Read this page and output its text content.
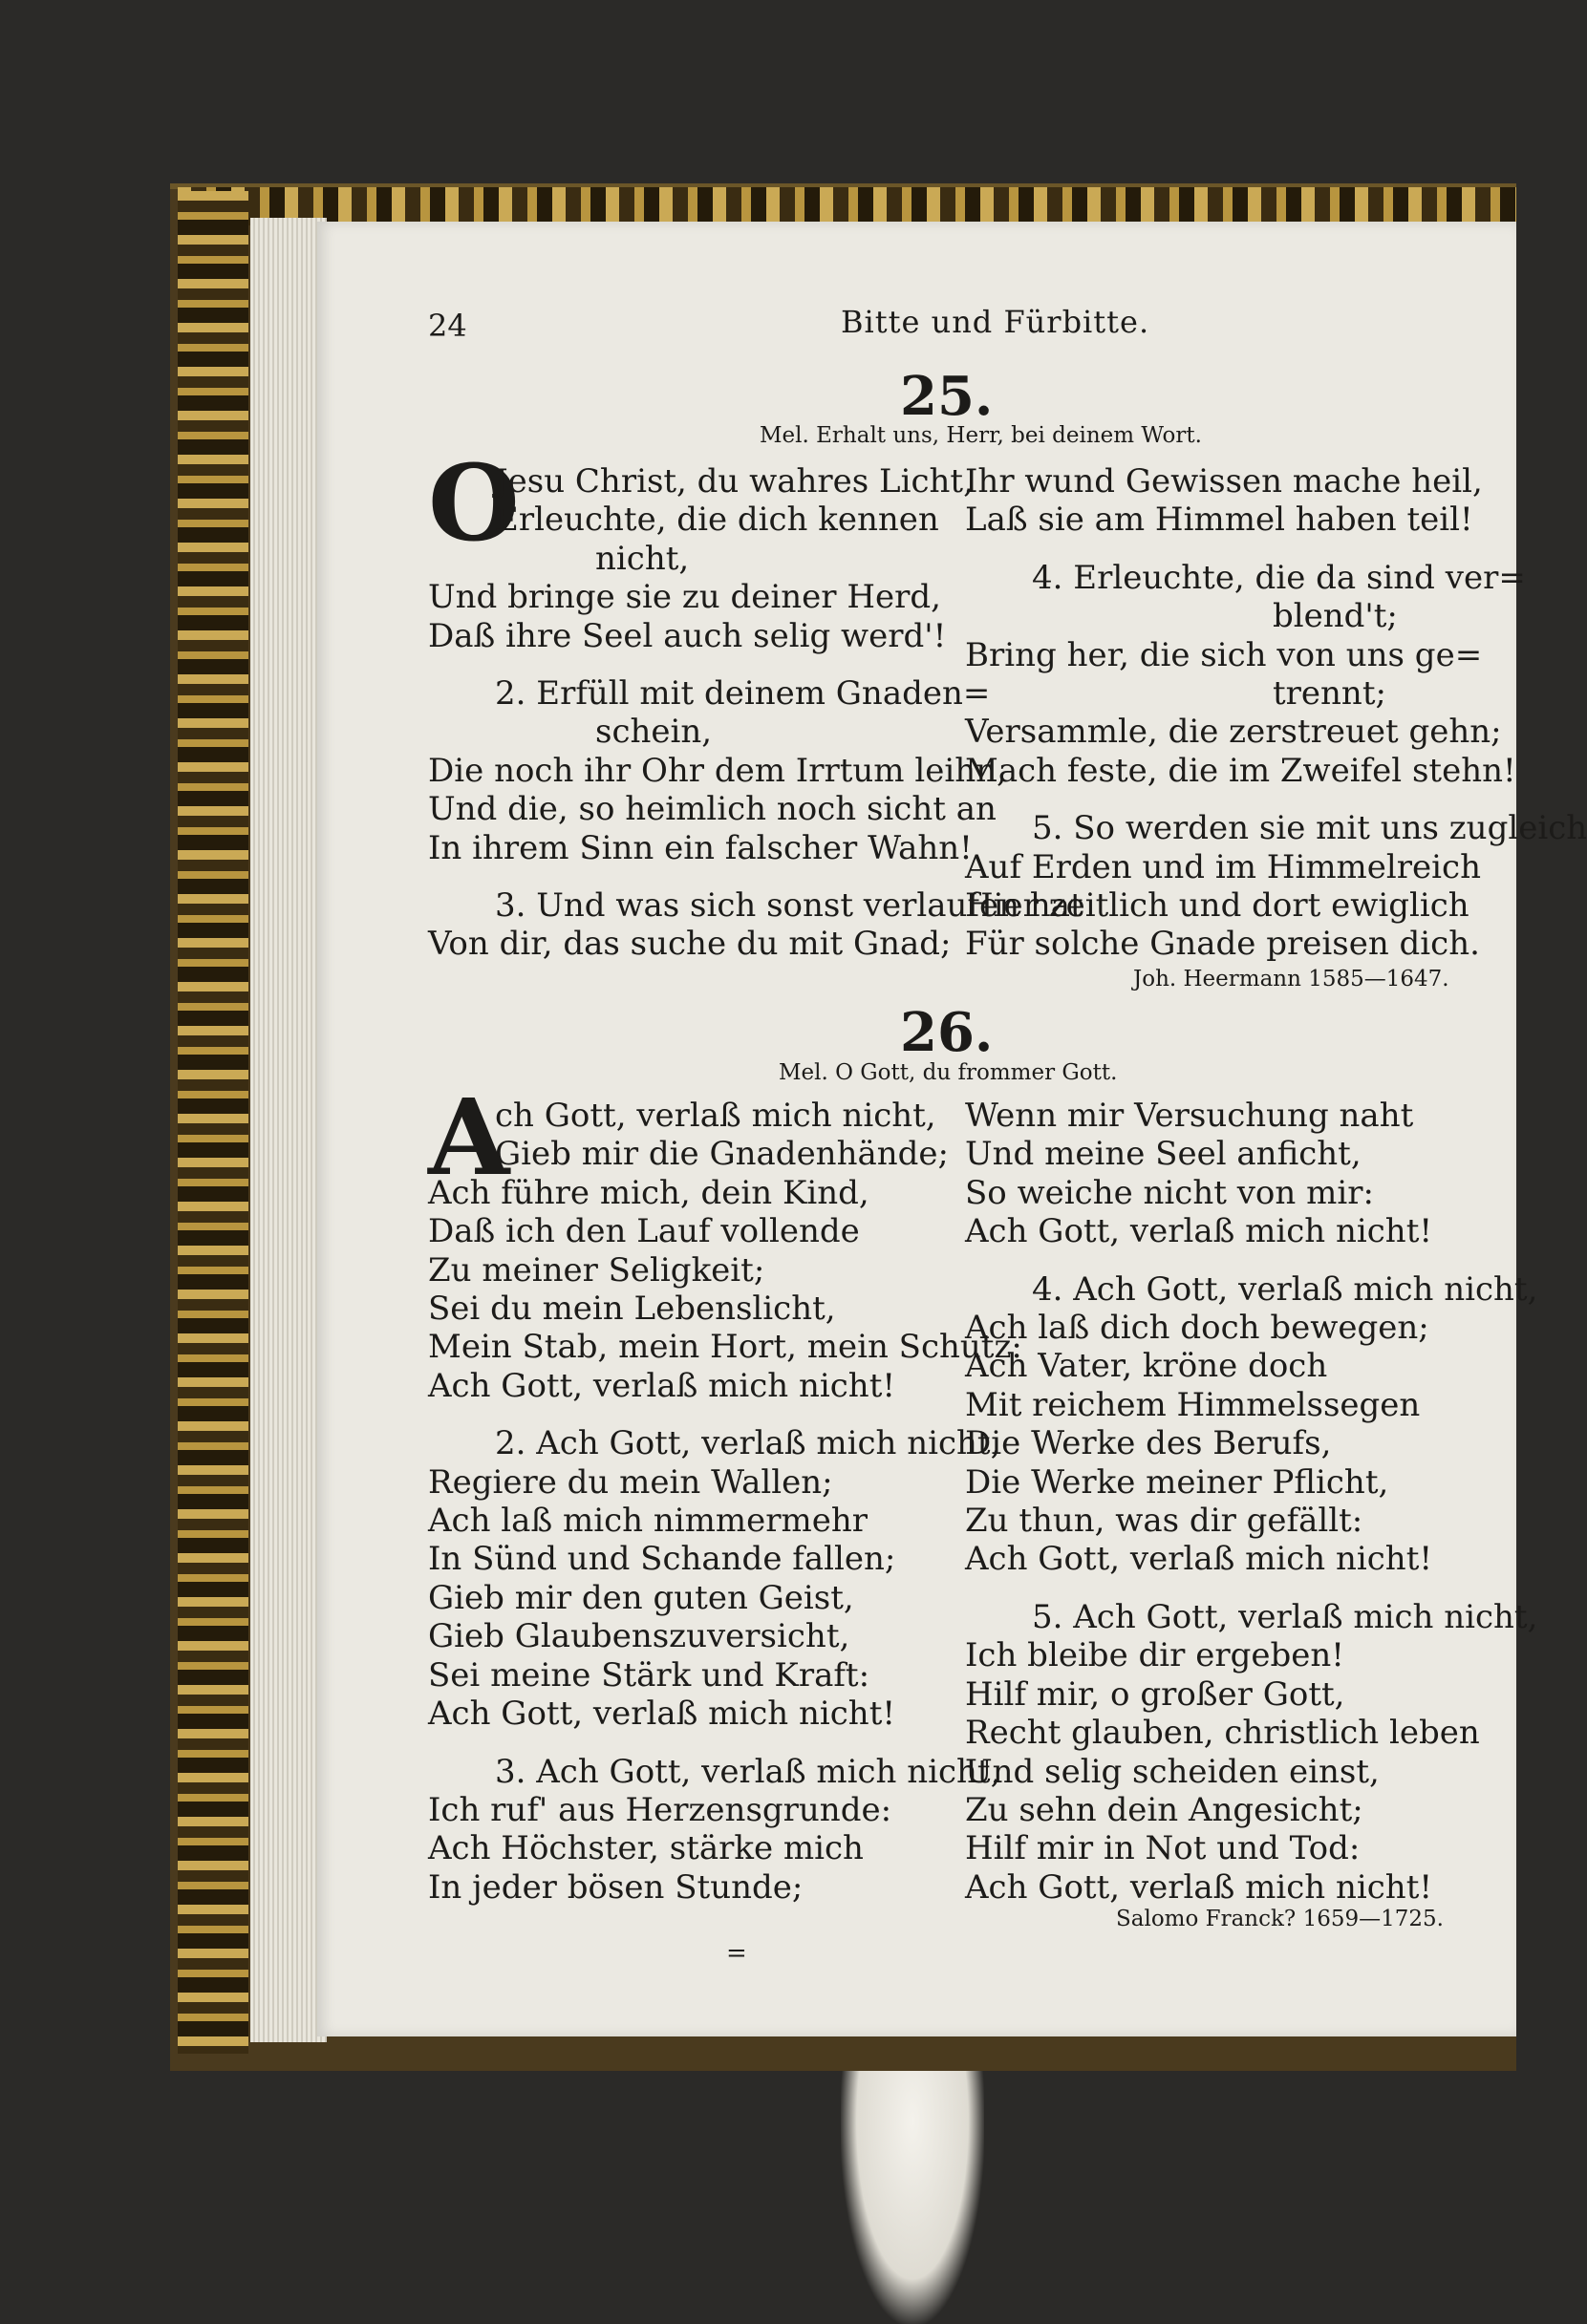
24	Bitte und Fürbitte.
25.
Mel. Erhalt uns, Herr, bei deinem Wort.
O
Jesu Christ, du wahres Licht,
Erleuchte, die dich kennen
nicht,
Und bringe sie zu deiner Herd,
Daß ihre Seel auch selig werd'!
2. Erfüll mit deinem Gnaden=
schein,
Die noch ihr Ohr dem Irrtum leihn,
Und die, so heimlich noch sicht an
In ihrem Sinn ein falscher Wahn!
3. Und was sich sonst verlaufen hat
Von dir, das suche du mit Gnad;
Ihr wund Gewissen mache heil,
Laß sie am Himmel haben teil!
4. Erleuchte, die da sind ver=
blend't;
Bring her, die sich von uns ge=
trennt;
Versammle, die zerstreuet gehn;
Mach feste, die im Zweifel stehn!
5. So werden sie mit uns zugleich
Auf Erden und im Himmelreich
Hier zeitlich und dort ewiglich
Für solche Gnade preisen dich.
Joh. Heermann 1585—1647.
26.
Mel. O Gott, du frommer Gott.
A
ch Gott, verlaß mich nicht,
Gieb mir die Gnadenhände;
Ach führe mich, dein Kind,
Daß ich den Lauf vollende
Zu meiner Seligkeit;
Sei du mein Lebenslicht,
Mein Stab, mein Hort, mein Schutz:
Ach Gott, verlaß mich nicht!
2. Ach Gott, verlaß mich nicht,
Regiere du mein Wallen;
Ach laß mich nimmermehr
In Sünd und Schande fallen;
Gieb mir den guten Geist,
Gieb Glaubenszuversicht,
Sei meine Stärk und Kraft:
Ach Gott, verlaß mich nicht!
3. Ach Gott, verlaß mich nicht,
Ich ruf' aus Herzensgrunde:
Ach Höchster, stärke mich
In jeder bösen Stunde;
Wenn mir Versuchung naht
Und meine Seel anficht,
So weiche nicht von mir:
Ach Gott, verlaß mich nicht!
4. Ach Gott, verlaß mich nicht,
Ach laß dich doch bewegen;
Ach Vater, kröne doch
Mit reichem Himmelssegen
Die Werke des Berufs,
Die Werke meiner Pflicht,
Zu thun, was dir gefällt:
Ach Gott, verlaß mich nicht!
5. Ach Gott, verlaß mich nicht,
Ich bleibe dir ergeben!
Hilf mir, o großer Gott,
Recht glauben, christlich leben
Und selig scheiden einst,
Zu sehn dein Angesicht;
Hilf mir in Not und Tod:
Ach Gott, verlaß mich nicht!
Salomo Franck? 1659—1725.
=
